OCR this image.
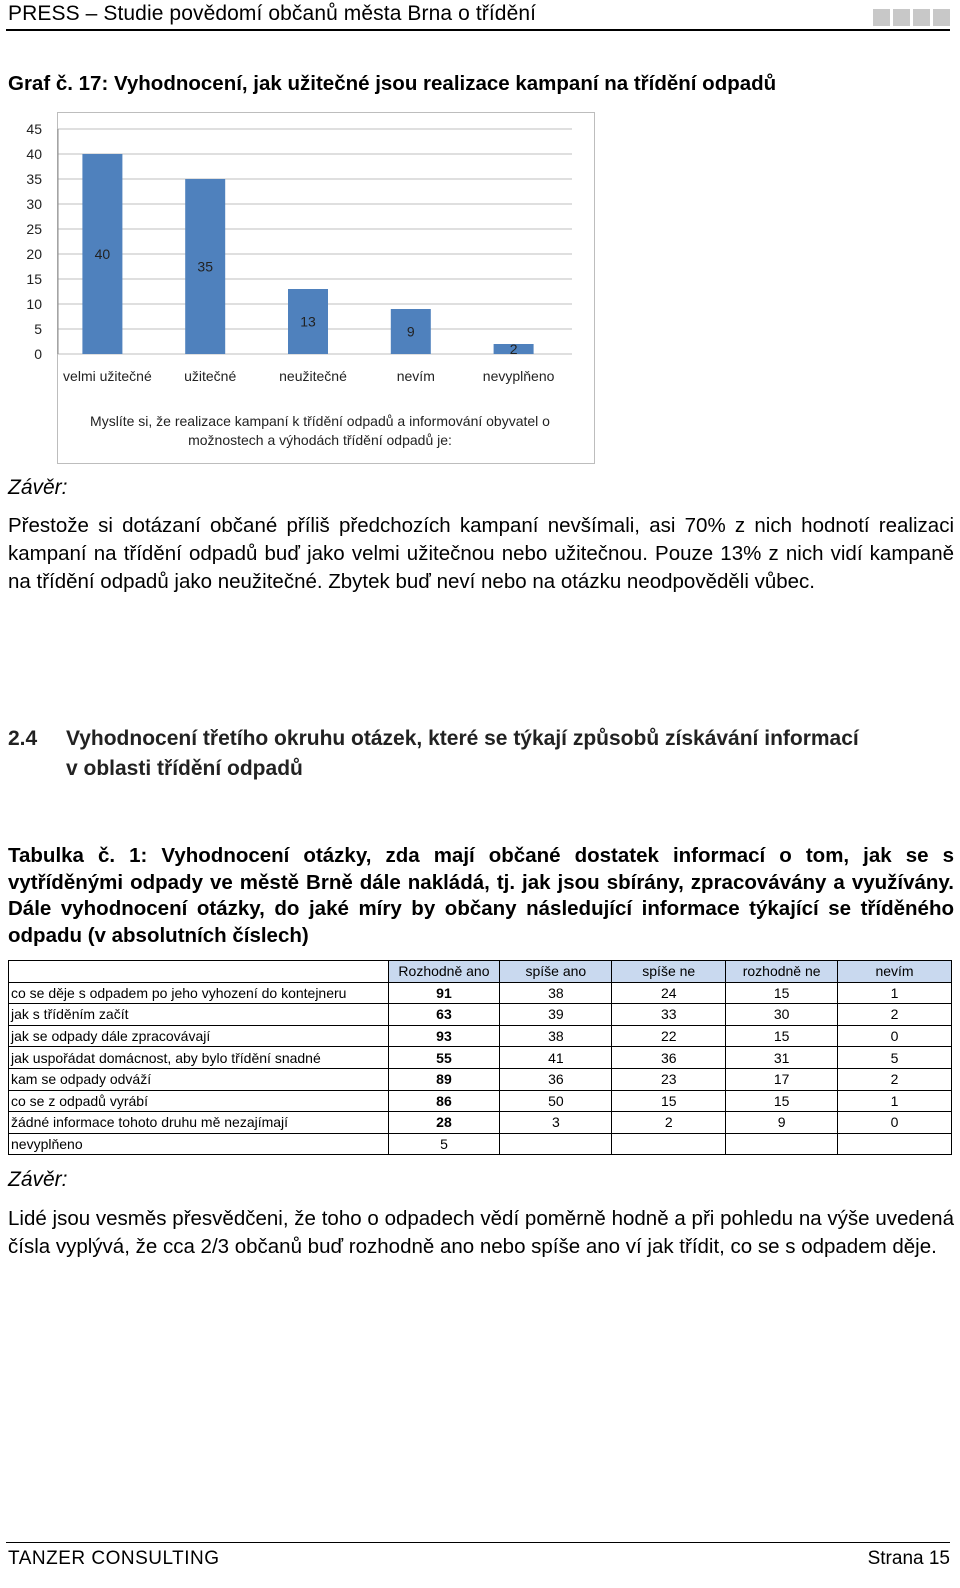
PRESS – Studie povědomí občanů města Brna o třídění
Graf č. 17: Vyhodnocení, jak užitečné jsou realizace kampaní na třídění odpadů
0
5
10
15
20
25
30
35
40
45
40
velmi užitečné
35
užitečné
13
neužitečné
9
nevím
2
nevyplňeno
Myslíte si, že realizace kampaní k třídění odpadů a informování obyvatel o možnostech a výhodách třídění odpadů je:
Závěr:
Přestože si dotázaní občané příliš předchozích kampaní nevšímali, asi 70% z nich hodnotí realizaci kampaní na třídění odpadů buď jako velmi užitečnou nebo užitečnou. Pouze 13% z nich vidí kampaně na třídění odpadů jako neužitečné. Zbytek buď neví nebo na otázku neodpověděli vůbec.
2.4 Vyhodnocení třetího okruhu otázek, které se týkají způsobů získávání informací
v oblasti třídění odpadů
Tabulka č. 1: Vyhodnocení otázky, zda mají občané dostatek informací o tom, jak se s vytříděnými odpady ve městě Brně dále nakládá, tj. jak jsou sbírány, zpracovávány a využívány. Dále vyhodnocení otázky, do jaké míry by občany následující informace týkající se tříděného odpadu (v absolutních číslech)
	Rozhodně ano	spíše ano	spíše ne	rozhodně ne	nevím
co se děje s odpadem po jeho vyhození do kontejneru	91	38	24	15	1
jak s tříděním začít	63	39	33	30	2
jak se odpady dále zpracovávají	93	38	22	15	0
jak uspořádat domácnost, aby bylo třídění snadné	55	41	36	31	5
kam se odpady odváží	89	36	23	17	2
co se z odpadů vyrábí	86	50	15	15	1
žádné informace tohoto druhu mě nezajímají	28	3	2	9	0
nevyplňeno	5				
Závěr:
Lidé jsou vesměs přesvědčeni, že toho o odpadech vědí poměrně hodně a při pohledu na výše uvedená čísla vyplývá, že cca 2/3 občanů buď rozhodně ano nebo spíše ano ví jak třídit, co se s odpadem děje.
TANZER CONSULTING	Strana 15
